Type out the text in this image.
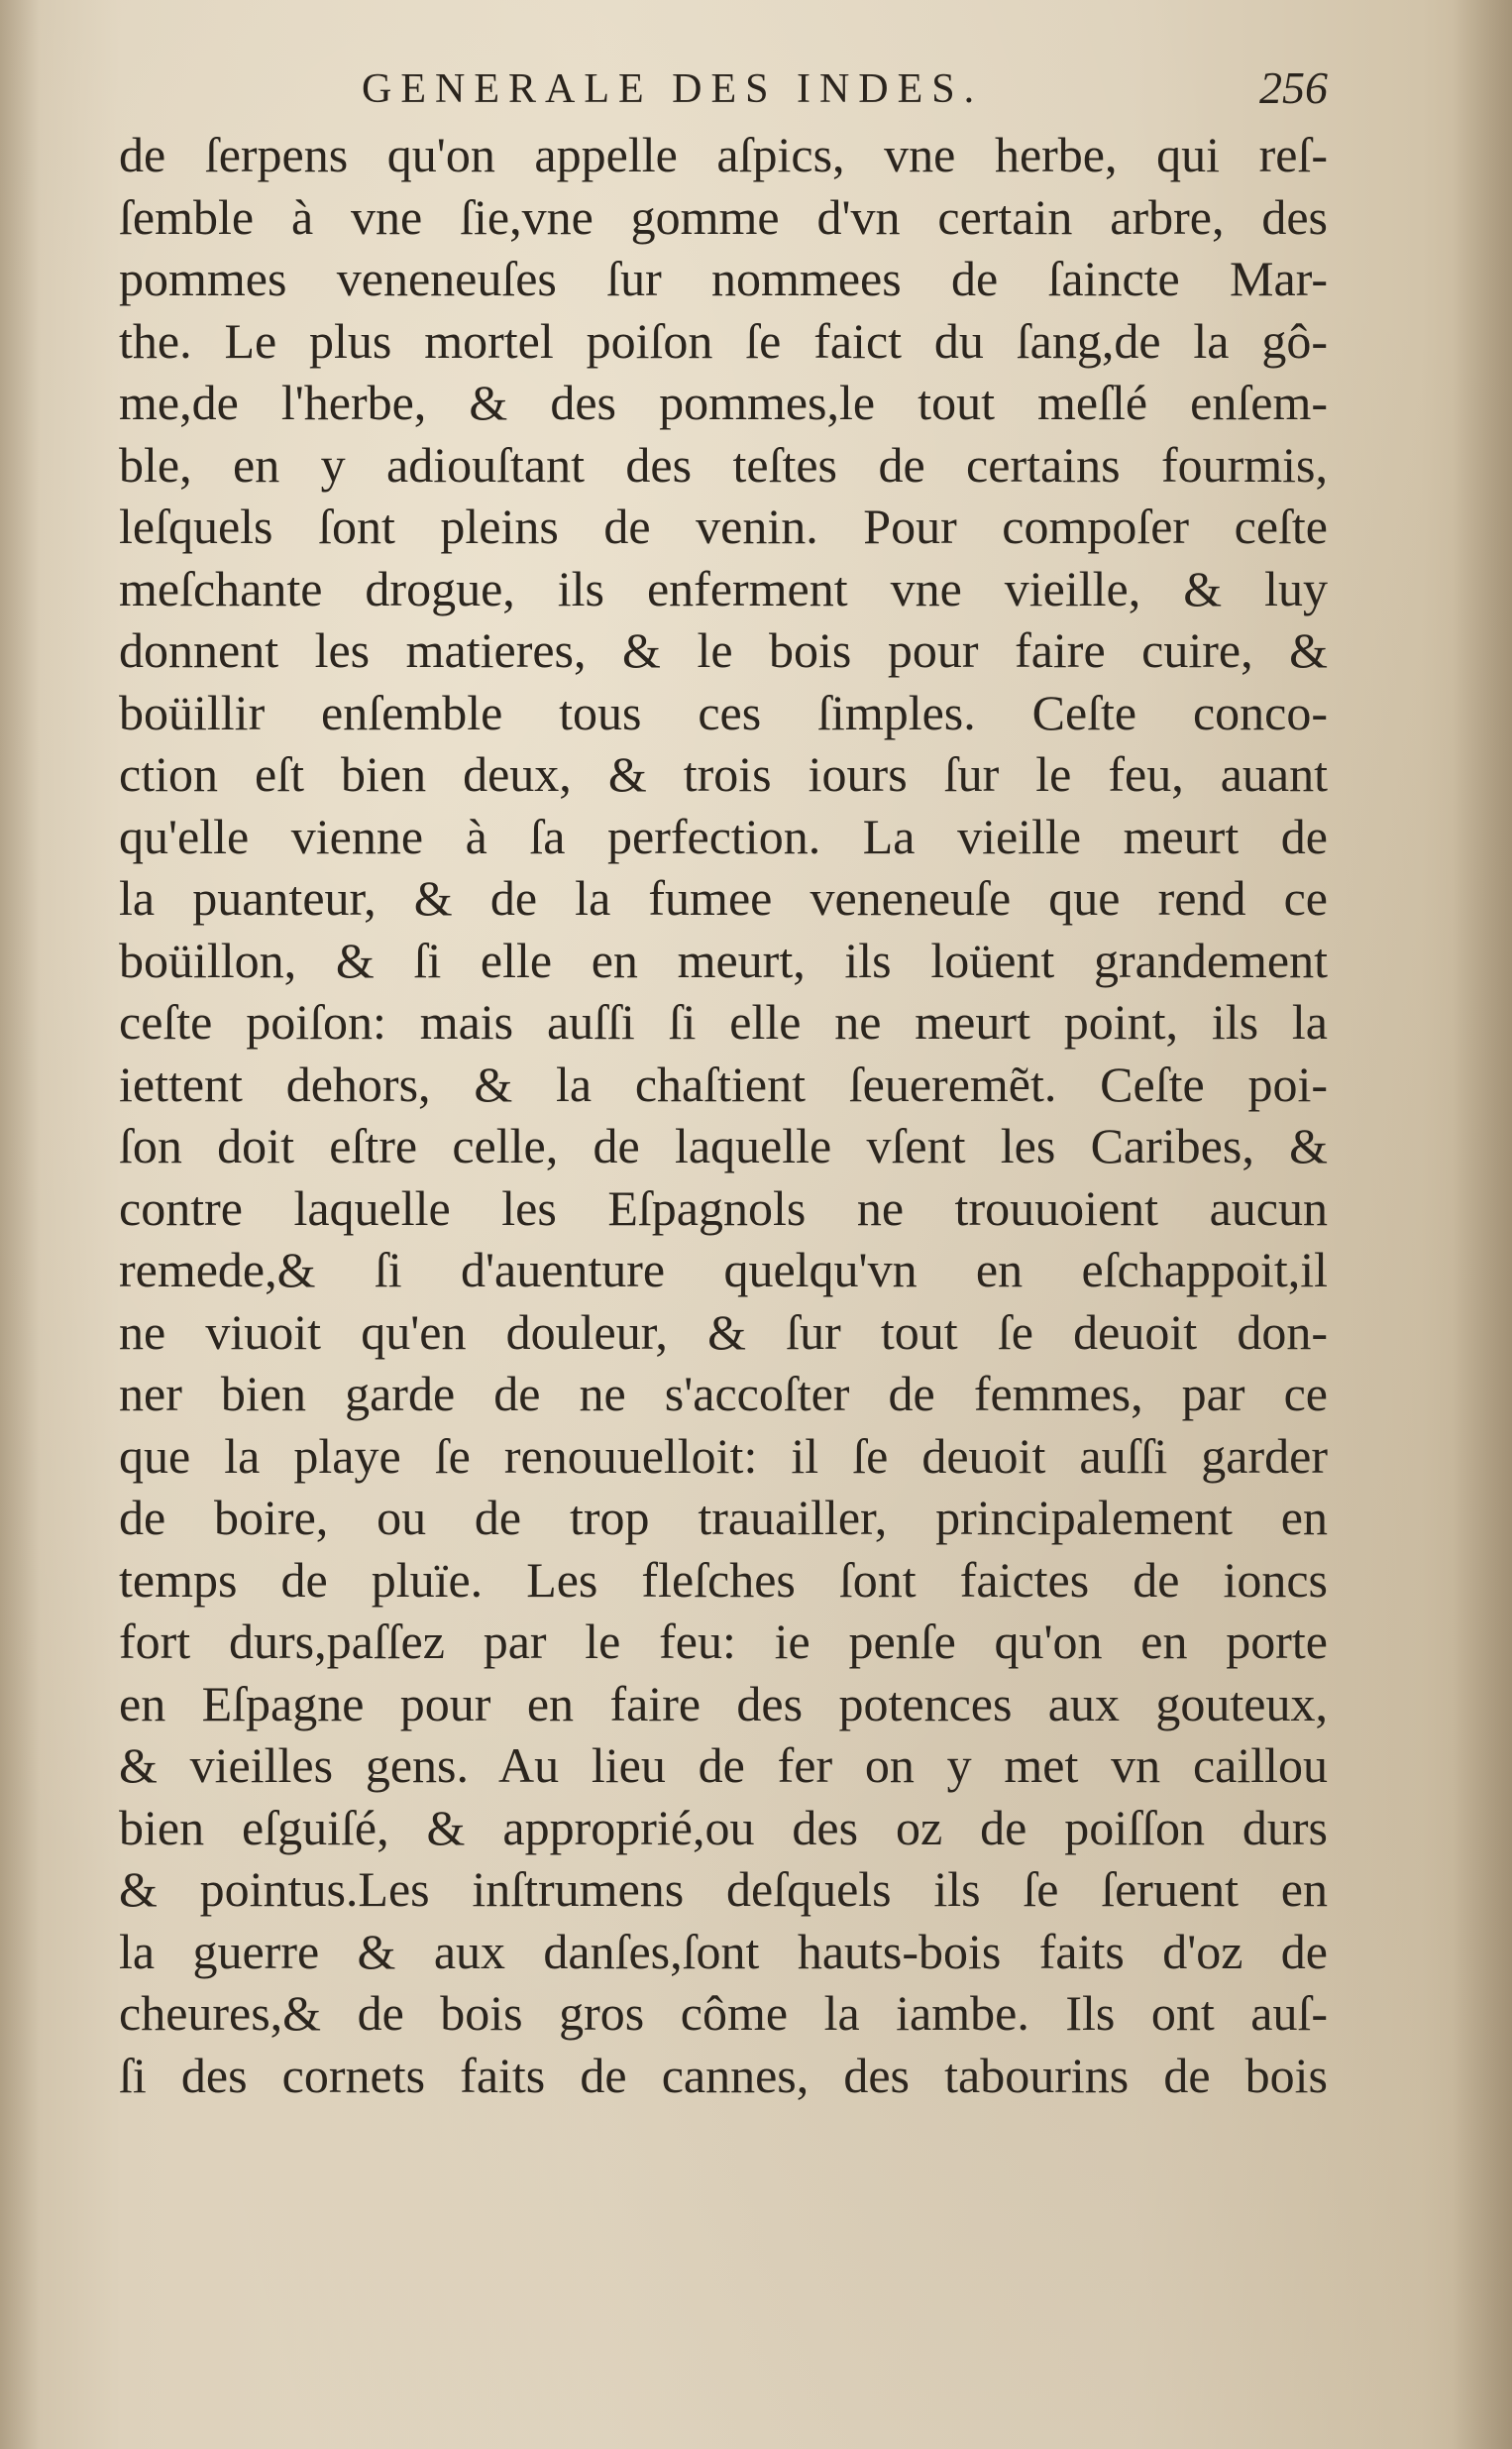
GENERALE DES INDES.	256
de ſerpens qu'on appelle aſpics, vne herbe, qui reſ-
ſemble à vne ſie,vne gomme d'vn certain arbre, des
pommes veneneuſes ſur nommees de ſaincte Mar-
the. Le plus mortel poiſon ſe faict du ſang,de la gô-
me,de l'herbe, & des pommes,le tout meſlé enſem-
ble, en y adiouſtant des teſtes de certains fourmis,
leſquels ſont pleins de venin. Pour compoſer ceſte
meſchante drogue, ils enferment vne vieille, & luy
donnent les matieres, & le bois pour faire cuire, &
boüillir enſemble tous ces ſimples. Ceſte conco-
ction eſt bien deux, & trois iours ſur le feu, auant
qu'elle vienne à ſa perfection. La vieille meurt de
la puanteur, & de la fumee veneneuſe que rend ce
boüillon, & ſi elle en meurt, ils loüent grandement
ceſte poiſon: mais auſſi ſi elle ne meurt point, ils la
iettent dehors, & la chaſtient ſeueremẽt. Ceſte poi-
ſon doit eſtre celle, de laquelle vſent les Caribes, &
contre laquelle les Eſpagnols ne trouuoient aucun
remede,& ſi d'auenture quelqu'vn en eſchappoit,il
ne viuoit qu'en douleur, & ſur tout ſe deuoit don-
ner bien garde de ne s'accoſter de femmes, par ce
que la playe ſe renouuelloit: il ſe deuoit auſſi garder
de boire, ou de trop trauailler, principalement en
temps de pluïe. Les fleſches ſont faictes de ioncs
fort durs,paſſez par le feu: ie penſe qu'on en porte
en Eſpagne pour en faire des potences aux gouteux,
& vieilles gens. Au lieu de fer on y met vn caillou
bien eſguiſé, & approprié,ou des oz de poiſſon durs
& pointus.Les inſtrumens deſquels ils ſe ſeruent en
la guerre & aux danſes,ſont hauts-bois faits d'oz de
cheures,& de bois gros côme la iambe. Ils ont auſ-
ſi des cornets faits de cannes, des tabourins de bois
